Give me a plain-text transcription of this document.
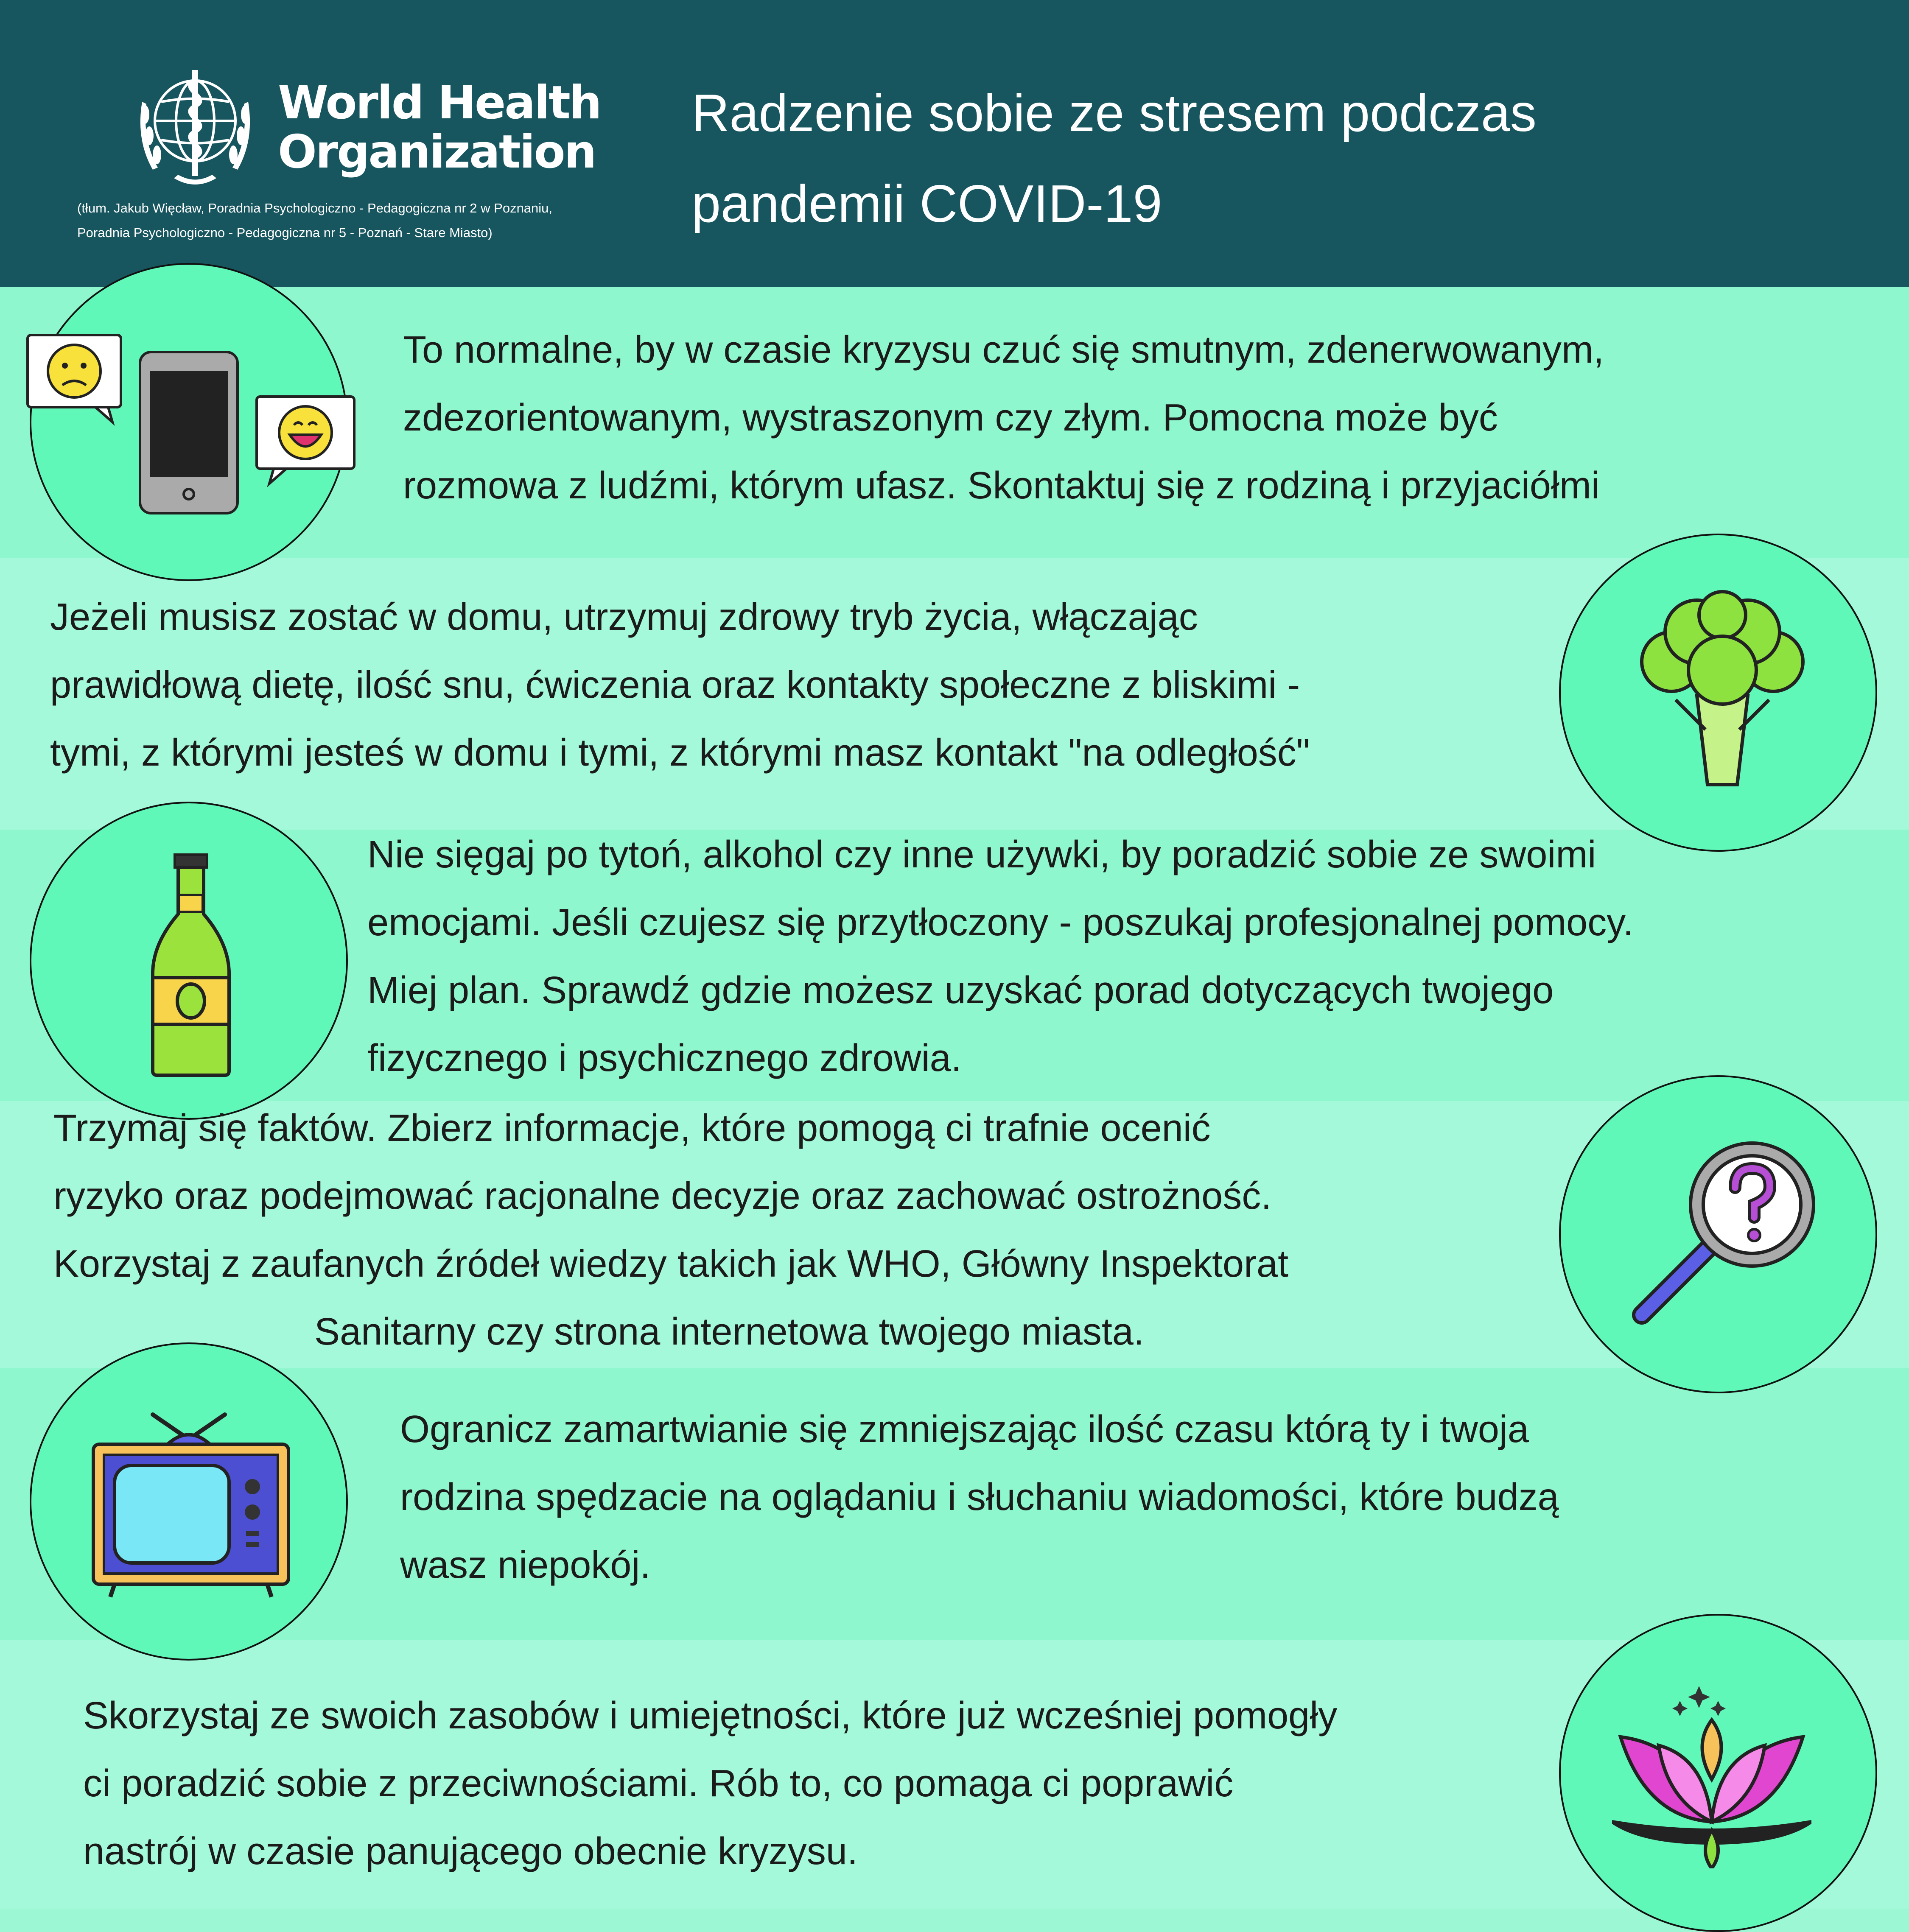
World Health
Organization
(tłum. Jakub Więcław, Poradnia Psychologiczno - Pedagogiczna nr 2 w Poznaniu,
Poradnia Psychologiczno - Pedagogiczna nr 5 - Poznań - Stare Miasto)
Radzenie sobie ze stresem podczas
pandemii COVID-19
To normalne, by w czasie kryzysu czuć się smutnym, zdenerwowanym,
zdezorientowanym, wystraszonym czy złym. Pomocna może być
rozmowa z ludźmi, którym ufasz. Skontaktuj się z rodziną i przyjaciółmi
Jeżeli musisz zostać w domu, utrzymuj zdrowy tryb życia, włączając
prawidłową dietę, ilość snu, ćwiczenia oraz kontakty społeczne z bliskimi -
tymi, z którymi jesteś w domu i tymi, z którymi masz kontakt "na odległość"
Nie sięgaj po tytoń, alkohol czy inne używki, by poradzić sobie ze swoimi
emocjami. Jeśli czujesz się przytłoczony - poszukaj profesjonalnej pomocy.
Miej plan. Sprawdź gdzie możesz uzyskać porad dotyczących twojego
fizycznego i psychicznego zdrowia.
Trzymaj się faktów. Zbierz informacje, które pomogą ci trafnie ocenić
ryzyko oraz podejmować racjonalne decyzje oraz zachować ostrożność.
Korzystaj z zaufanych źródeł wiedzy takich jak WHO, Główny Inspektorat
Sanitarny czy strona internetowa twojego miasta.
Ogranicz zamartwianie się zmniejszając ilość czasu którą ty i twoja
rodzina spędzacie na oglądaniu i słuchaniu wiadomości, które budzą
wasz niepokój.
Skorzystaj ze swoich zasobów i umiejętności, które już wcześniej pomogły
ci poradzić sobie z przeciwnościami. Rób to, co pomaga ci poprawić
nastrój w czasie panującego obecnie kryzysu.
